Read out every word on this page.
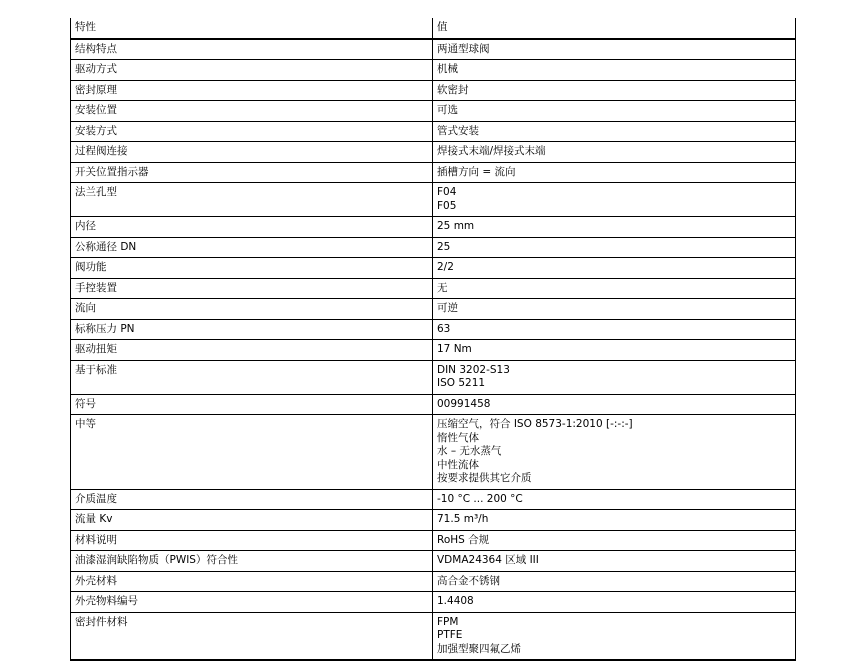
特性	值
结构特点	两通型球阀

驱动方式	机械

密封原理	软密封

安装位置	可选

安装方式	管式安装

过程阀连接	焊接式末端/焊接式末端

开关位置指示器	插槽方向 = 流向

法兰孔型	F04
F05

内径	25 mm

公称通径 DN	25

阀功能	2/2

手控装置	无

流向	可逆

标称压力 PN	63

驱动扭矩	17 Nm

基于标准	DIN 3202-S13
ISO 5211

符号	00991458

中等	压缩空气，符合 ISO 8573-1:2010 [-:-:-]
惰性气体
水 – 无水蒸气
中性流体
按要求提供其它介质

介质温度	-10 °C ... 200 °C

流量 Kv	71.5 m³/h

材料说明	RoHS 合规

油漆湿润缺陷物质（PWIS）符合性	VDMA24364 区域 III

外壳材料	高合金不锈钢

外壳物料编号	1.4408

密封件材料	FPM
PTFE
加强型聚四氟乙烯
